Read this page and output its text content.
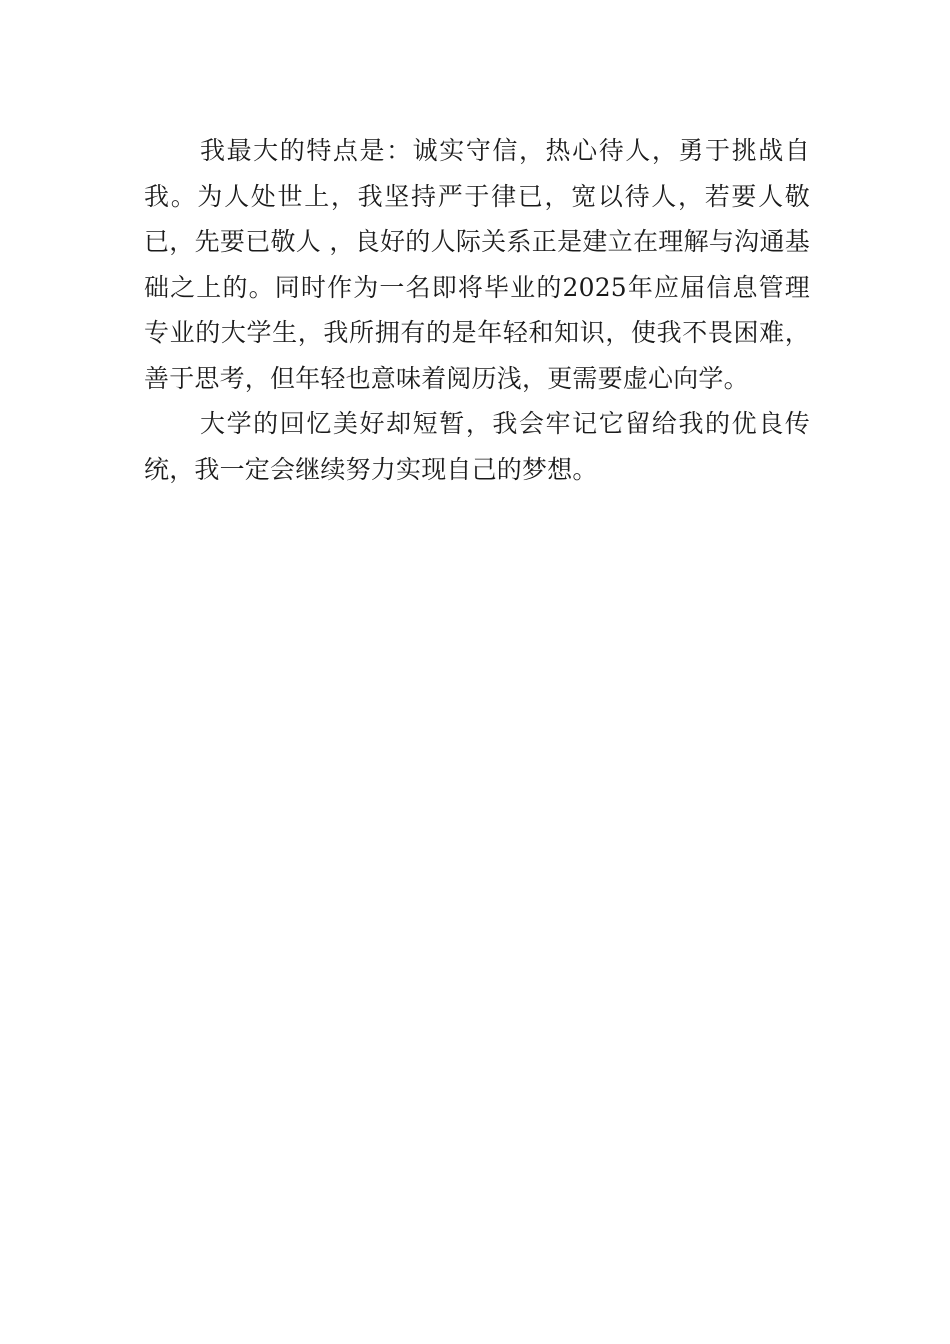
我最大的特点是：诚实守信，热心待人，勇于挑战自我。为人处世上，我坚持严于律已，宽以待人，若要人敬已，先要已敬人 ，良好的人际关系正是建立在理解与沟通基础之上的。同时作为一名即将毕业的2025年应届信息管理专业的大学生，我所拥有的是年轻和知识，使我不畏困难，善于思考，但年轻也意味着阅历浅，更需要虚心向学。

大学的回忆美好却短暂，我会牢记它留给我的优良传统，我一定会继续努力实现自己的梦想。
